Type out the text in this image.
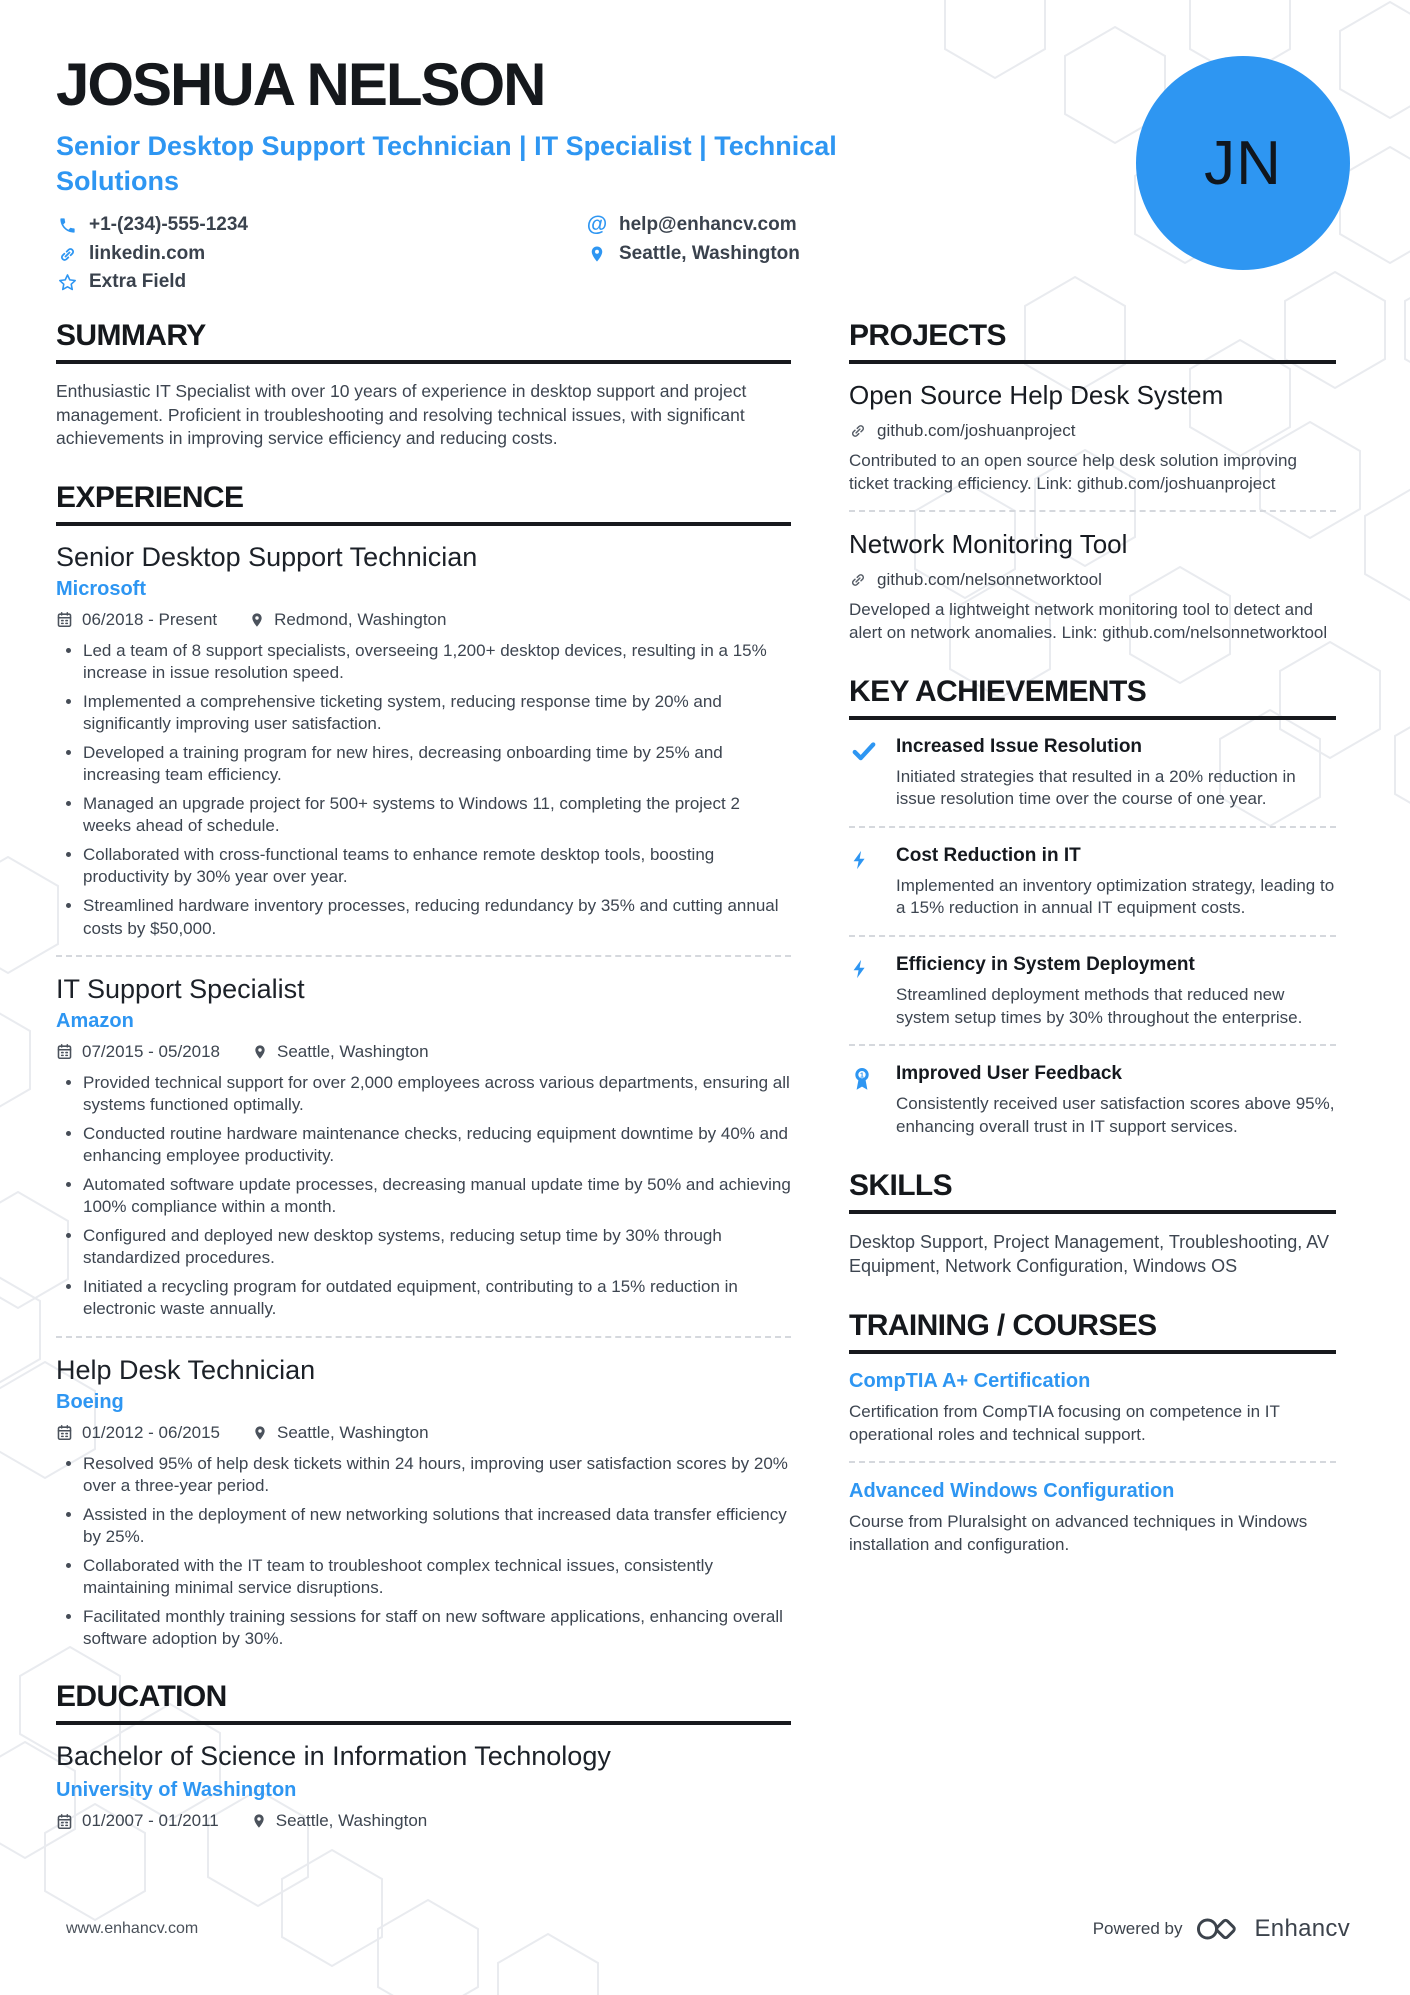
JOSHUA NELSON
Senior Desktop Support Technician | IT Specialist | Technical Solutions
+1-(234)-555-1234	@ help@enhancv.com
linkedin.com	Seattle, Washington
Extra Field
JN
SUMMARY

Enthusiastic IT Specialist with over 10 years of experience in desktop support and project management. Proficient in troubleshooting and resolving technical issues, with significant achievements in improving service efficiency and reducing costs.

EXPERIENCE
Senior Desktop Support Technician
Microsoft
06/2018 - Present	Redmond, Washington
• Led a team of 8 support specialists, overseeing 1,200+ desktop devices, resulting in a 15% increase in issue resolution speed.
• Implemented a comprehensive ticketing system, reducing response time by 20% and significantly improving user satisfaction.
• Developed a training program for new hires, decreasing onboarding time by 25% and increasing team efficiency.
• Managed an upgrade project for 500+ systems to Windows 11, completing the project 2 weeks ahead of schedule.
• Collaborated with cross-functional teams to enhance remote desktop tools, boosting productivity by 30% year over year.
• Streamlined hardware inventory processes, reducing redundancy by 35% and cutting annual costs by $50,000.
IT Support Specialist
Amazon
07/2015 - 05/2018	Seattle, Washington
• Provided technical support for over 2,000 employees across various departments, ensuring all systems functioned optimally.
• Conducted routine hardware maintenance checks, reducing equipment downtime by 40% and enhancing employee productivity.
• Automated software update processes, decreasing manual update time by 50% and achieving 100% compliance within a month.
• Configured and deployed new desktop systems, reducing setup time by 30% through standardized procedures.
• Initiated a recycling program for outdated equipment, contributing to a 15% reduction in electronic waste annually.
Help Desk Technician
Boeing
01/2012 - 06/2015	Seattle, Washington
• Resolved 95% of help desk tickets within 24 hours, improving user satisfaction scores by 20% over a three-year period.
• Assisted in the deployment of new networking solutions that increased data transfer efficiency by 25%.
• Collaborated with the IT team to troubleshoot complex technical issues, consistently maintaining minimal service disruptions.
• Facilitated monthly training sessions for staff on new software applications, enhancing overall software adoption by 30%.
EDUCATION
Bachelor of Science in Information Technology
University of Washington
01/2007 - 01/2011	Seattle, Washington
PROJECTS
Open Source Help Desk System
github.com/joshuanproject

Contributed to an open source help desk solution improving ticket tracking efficiency. Link: github.com/joshuanproject

Network Monitoring Tool
github.com/nelsonnetworktool

Developed a lightweight network monitoring tool to detect and alert on network anomalies. Link: github.com/nelsonnetworktool

KEY ACHIEVEMENTS
Increased Issue Resolution

Initiated strategies that resulted in a 20% reduction in issue resolution time over the course of one year.

Cost Reduction in IT

Implemented an inventory optimization strategy, leading to a 15% reduction in annual IT equipment costs.

Efficiency in System Deployment

Streamlined deployment methods that reduced new system setup times by 30% throughout the enterprise.

1 Improved User Feedback

Consistently received user satisfaction scores above 95%, enhancing overall trust in IT support services.

SKILLS

Desktop Support, Project Management, Troubleshooting, AV Equipment, Network Configuration, Windows OS

TRAINING / COURSES
CompTIA A+ Certification

Certification from CompTIA focusing on competence in IT operational roles and technical support.

Advanced Windows Configuration

Course from Pluralsight on advanced techniques in Windows installation and configuration.

www.enhancv.com	Powered by	Enhancv
